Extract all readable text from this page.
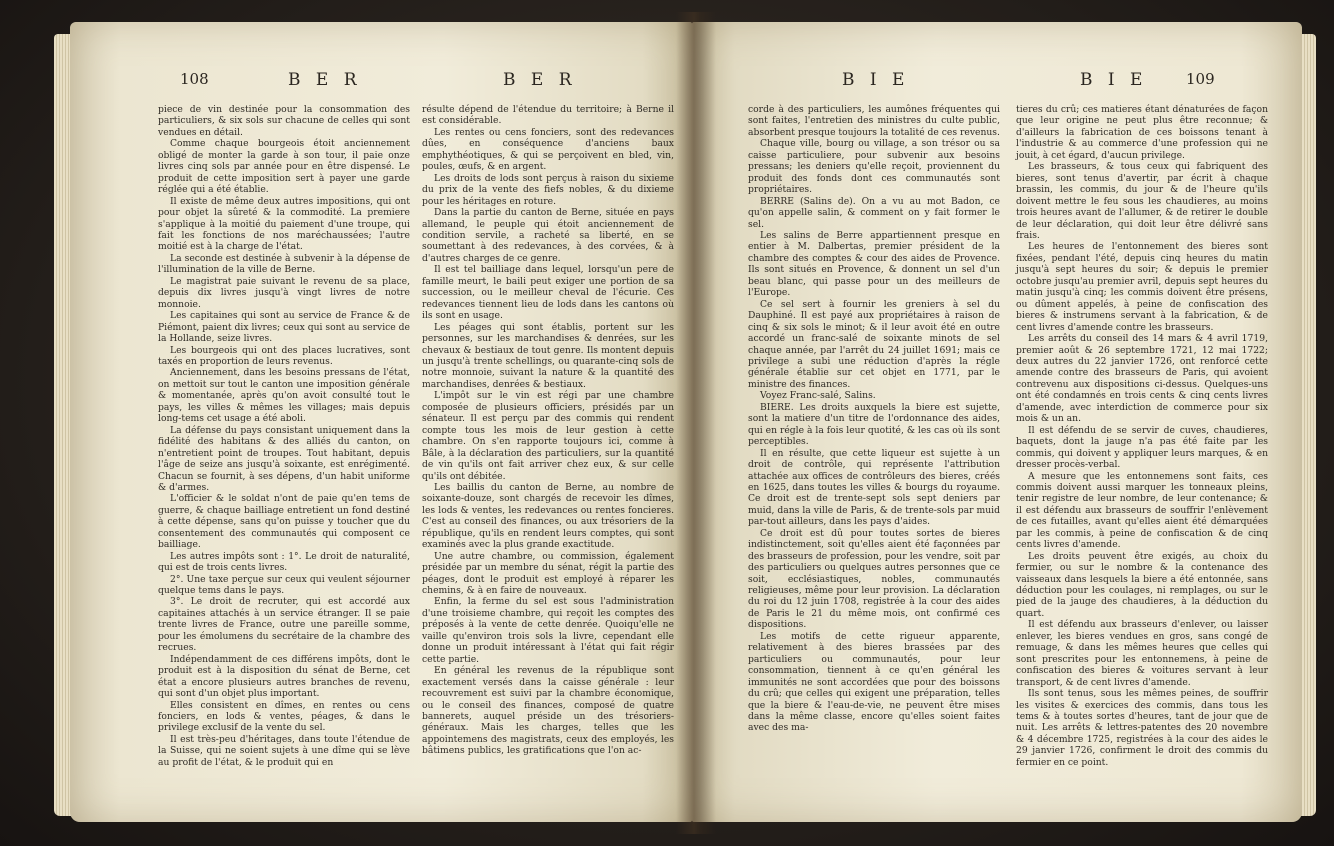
108	B E R	B E R

piece de vin destinée pour la consommation des particuliers, & six sols sur chacune de celles qui sont vendues en détail.

Comme chaque bourgeois étoit anciennement obligé de monter la garde à son tour, il paie onze livres cinq sols par année pour en être dispensé. Le produit de cette imposition sert à payer une garde réglée qui a été établie.

Il existe de même deux autres impositions, qui ont pour objet la sûreté & la commodité. La premiere s'applique à la moitié du paiement d'une troupe, qui fait les fonctions de nos maréchaussées; l'autre moitié est à la charge de l'état.

La seconde est destinée à subvenir à la dépense de l'illumination de la ville de Berne.

Le magistrat paie suivant le revenu de sa place, depuis dix livres jusqu'à vingt livres de notre monnoie.

Les capitaines qui sont au service de France & de Piémont, paient dix livres; ceux qui sont au service de la Hollande, seize livres.

Les bourgeois qui ont des places lucratives, sont taxés en proportion de leurs revenus.

Anciennement, dans les besoins pressans de l'état, on mettoit sur tout le canton une imposition générale & momentanée, après qu'on avoit consulté tout le pays, les villes & mêmes les villages; mais depuis long-tems cet usage a été aboli.

La défense du pays consistant uniquement dans la fidélité des habitans & des alliés du canton, on n'entretient point de troupes. Tout habitant, depuis l'âge de seize ans jusqu'à soixante, est enrégimenté. Chacun se fournit, à ses dépens, d'un habit uniforme & d'armes.

L'officier & le soldat n'ont de paie qu'en tems de guerre, & chaque bailliage entretient un fond destiné à cette dépense, sans qu'on puisse y toucher que du consentement des communautés qui composent ce bailliage.

Les autres impôts sont : 1°. Le droit de naturalité, qui est de trois cents livres.

2°. Une taxe perçue sur ceux qui veulent séjourner quelque tems dans le pays.

3°. Le droit de recruter, qui est accordé aux capitaines attachés à un service étranger. Il se paie trente livres de France, outre une pareille somme, pour les émolumens du secrétaire de la chambre des recrues.

Indépendamment de ces différens impôts, dont le produit est à la disposition du sénat de Berne, cet état a encore plusieurs autres branches de revenu, qui sont d'un objet plus important.

Elles consistent en dîmes, en rentes ou cens fonciers, en lods & ventes, péages, & dans le privilege exclusif de la vente du sel.

Il est très-peu d'héritages, dans toute l'étendue de la Suisse, qui ne soient sujets à une dîme qui se lève au profit de l'état, & le produit qui en

résulte dépend de l'étendue du territoire; à Berne il est considérable.

Les rentes ou cens fonciers, sont des redevances dûes, en conséquence d'anciens baux emphythéotiques, & qui se perçoivent en bled, vin, poules, œufs, & en argent.

Les droits de lods sont perçus à raison du sixieme du prix de la vente des fiefs nobles, & du dixieme pour les héritages en roture.

Dans la partie du canton de Berne, située en pays allemand, le peuple qui étoit anciennement de condition servile, a racheté sa liberté, en se soumettant à des redevances, à des corvées, & à d'autres charges de ce genre.

Il est tel bailliage dans lequel, lorsqu'un pere de famille meurt, le baili peut exiger une portion de sa succession, ou le meilleur cheval de l'écurie. Ces redevances tiennent lieu de lods dans les cantons où ils sont en usage.

Les péages qui sont établis, portent sur les personnes, sur les marchandises & denrées, sur les chevaux & bestiaux de tout genre. Ils montent depuis un jusqu'à trente schellings, ou quarante-cinq sols de notre monnoie, suivant la nature & la quantité des marchandises, denrées & bestiaux.

L'impôt sur le vin est régi par une chambre composée de plusieurs officiers, présidés par un sénateur. Il est perçu par des commis qui rendent compte tous les mois de leur gestion à cette chambre. On s'en rapporte toujours ici, comme à Bâle, à la déclaration des particuliers, sur la quantité de vin qu'ils ont fait arriver chez eux, & sur celle qu'ils ont débitée.

Les baillis du canton de Berne, au nombre de soixante-douze, sont chargés de recevoir les dîmes, les lods & ventes, les redevances ou rentes foncieres. C'est au conseil des finances, ou aux trésoriers de la république, qu'ils en rendent leurs comptes, qui sont examinés avec la plus grande exactitude.

Une autre chambre, ou commission, également présidée par un membre du sénat, régit la partie des péages, dont le produit est employé à réparer les chemins, & à en faire de nouveaux.

Enfin, la ferme du sel est sous l'administration d'une troisieme chambre, qui reçoit les comptes des préposés à la vente de cette denrée. Quoiqu'elle ne vaille qu'environ trois sols la livre, cependant elle donne un produit intéressant à l'état qui fait régir cette partie.

En général les revenus de la république sont exactement versés dans la caisse générale : leur recouvrement est suivi par la chambre économique, ou le conseil des finances, composé de quatre bannerets, auquel préside un des trésoriers-généraux. Mais les charges, telles que les appointemens des magistrats, ceux des employés, les bâtimens publics, les gratifications que l'on ac-

B I E	B I E	109

corde à des particuliers, les aumônes fréquentes qui sont faites, l'entretien des ministres du culte public, absorbent presque toujours la totalité de ces revenus.

Chaque ville, bourg ou village, a son trésor ou sa caisse particuliere, pour subvenir aux besoins pressans; les deniers qu'elle reçoit, proviennent du produit des fonds dont ces communautés sont propriétaires.

BERRE (Salins de). On a vu au mot Badon, ce qu'on appelle salin, & comment on y fait former le sel.

Les salins de Berre appartiennent presque en entier à M. Dalbertas, premier président de la chambre des comptes & cour des aides de Provence. Ils sont situés en Provence, & donnent un sel d'un beau blanc, qui passe pour un des meilleurs de l'Europe.

Ce sel sert à fournir les greniers à sel du Dauphiné. Il est payé aux propriétaires à raison de cinq & six sols le minot; & il leur avoit été en outre accordé un franc-salé de soixante minots de sel chaque année, par l'arrêt du 24 juillet 1691; mais ce privilege a subi une réduction d'après la régle générale établie sur cet objet en 1771, par le ministre des finances.

Voyez Franc-salé, Salins.

BIERE. Les droits auxquels la biere est sujette, sont la matiere d'un titre de l'ordonnance des aides, qui en régle à la fois leur quotité, & les cas où ils sont perceptibles.

Il en résulte, que cette liqueur est sujette à un droit de contrôle, qui représente l'attribution attachée aux offices de contrôleurs des bieres, créés en 1625, dans toutes les villes & bourgs du royaume. Ce droit est de trente-sept sols sept deniers par muid, dans la ville de Paris, & de trente-sols par muid par-tout ailleurs, dans les pays d'aides.

Ce droit est dû pour toutes sortes de bieres indistinctement, soit qu'elles aient été façonnées par des brasseurs de profession, pour les vendre, soit par des particuliers ou quelques autres personnes que ce soit, ecclésiastiques, nobles, communautés religieuses, même pour leur provision. La déclaration du roi du 12 juin 1708, registrée à la cour des aides de Paris le 21 du même mois, ont confirmé ces dispositions.

Les motifs de cette rigueur apparente, relativement à des bieres brassées par des particuliers ou communautés, pour leur consommation, tiennent à ce qu'en général les immunités ne sont accordées que pour des boissons du crû; que celles qui exigent une préparation, telles que la biere & l'eau-de-vie, ne peuvent être mises dans la même classe, encore qu'elles soient faites avec des ma-

tieres du crû; ces matieres étant dénaturées de façon que leur origine ne peut plus être reconnue; & d'ailleurs la fabrication de ces boissons tenant à l'industrie & au commerce d'une profession qui ne jouit, à cet égard, d'aucun privilege.

Les brasseurs, & tous ceux qui fabriquent des bieres, sont tenus d'avertir, par écrit à chaque brassin, les commis, du jour & de l'heure qu'ils doivent mettre le feu sous les chaudieres, au moins trois heures avant de l'allumer, & de retirer le double de leur déclaration, qui doit leur être délivré sans frais.

Les heures de l'entonnement des bieres sont fixées, pendant l'été, depuis cinq heures du matin jusqu'à sept heures du soir; & depuis le premier octobre jusqu'au premier avril, depuis sept heures du matin jusqu'à cinq; les commis doivent être présens, ou dûment appelés, à peine de confiscation des bieres & instrumens servant à la fabrication, & de cent livres d'amende contre les brasseurs.

Les arrêts du conseil des 14 mars & 4 avril 1719, premier août & 26 septembre 1721, 12 mai 1722; deux autres du 22 janvier 1726, ont renforcé cette amende contre des brasseurs de Paris, qui avoient contrevenu aux dispositions ci-dessus. Quelques-uns ont été condamnés en trois cents & cinq cents livres d'amende, avec interdiction de commerce pour six mois & un an.

Il est défendu de se servir de cuves, chaudieres, baquets, dont la jauge n'a pas été faite par les commis, qui doivent y appliquer leurs marques, & en dresser procès-verbal.

A mesure que les entonnemens sont faits, ces commis doivent aussi marquer les tonneaux pleins, tenir registre de leur nombre, de leur contenance; & il est défendu aux brasseurs de souffrir l'enlèvement de ces futailles, avant qu'elles aient été démarquées par les commis, à peine de confiscation & de cinq cents livres d'amende.

Les droits peuvent être exigés, au choix du fermier, ou sur le nombre & la contenance des vaisseaux dans lesquels la biere a été entonnée, sans déduction pour les coulages, ni remplages, ou sur le pied de la jauge des chaudieres, à la déduction du quart.

Il est défendu aux brasseurs d'enlever, ou laisser enlever, les bieres vendues en gros, sans congé de remuage, & dans les mêmes heures que celles qui sont prescrites pour les entonnemens, à peine de confiscation des bieres & voitures servant à leur transport, & de cent livres d'amende.

Ils sont tenus, sous les mêmes peines, de souffrir les visites & exercices des commis, dans tous les tems & à toutes sortes d'heures, tant de jour que de nuit. Les arrêts & lettres-patentes des 20 novembre & 4 décembre 1725, registrées à la cour des aides le 29 janvier 1726, confirment le droit des commis du fermier en ce point.
